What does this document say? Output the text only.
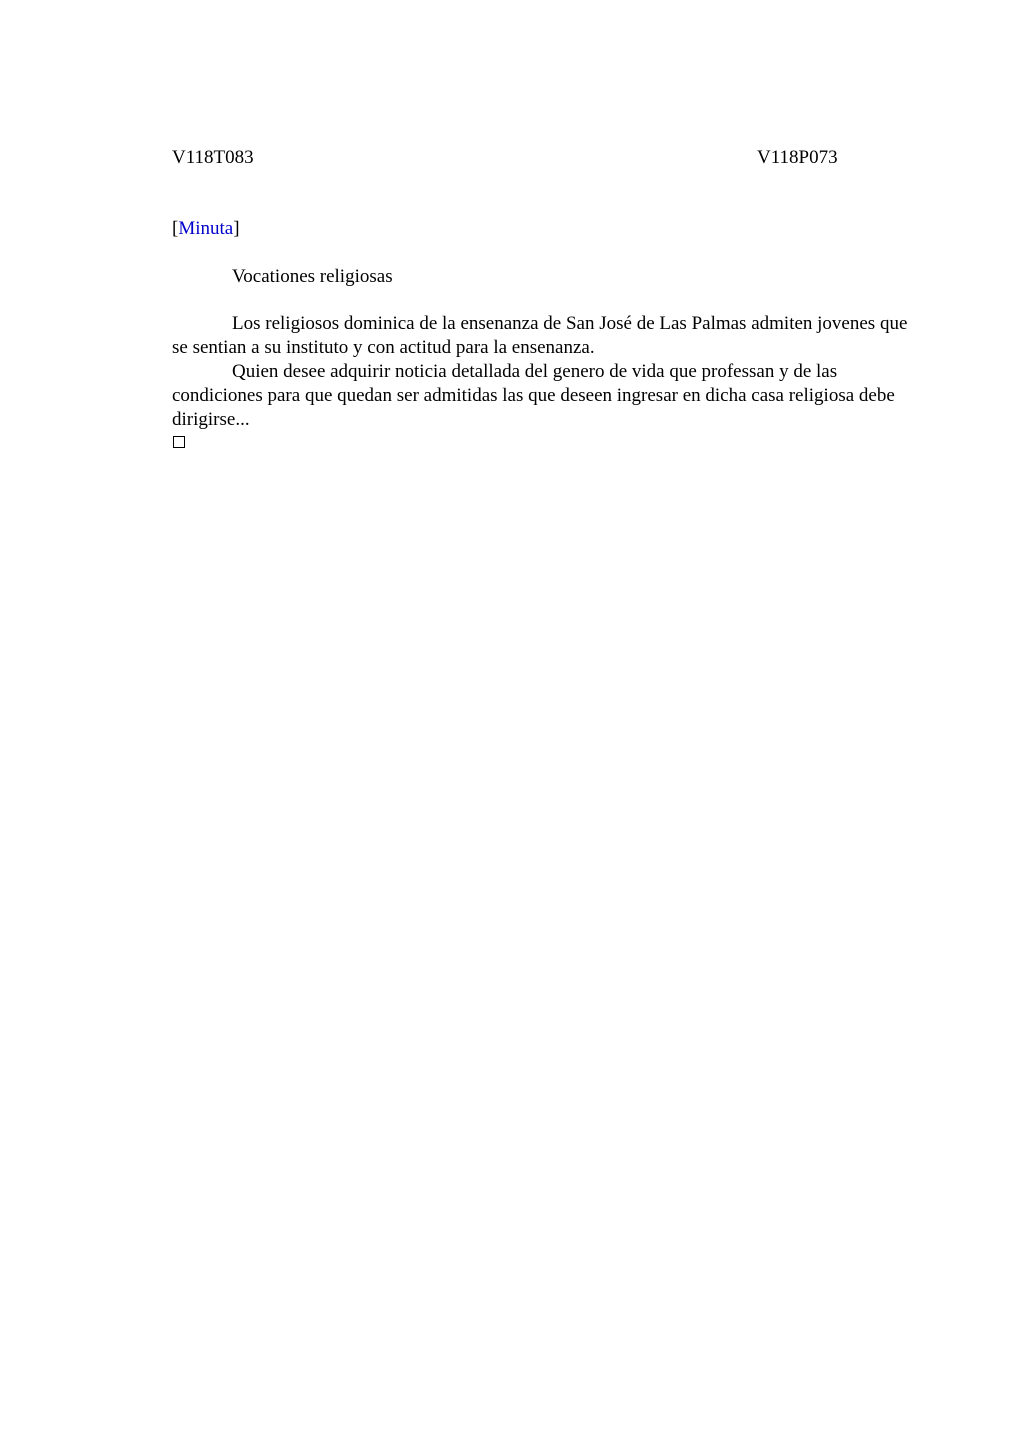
V118T083	V118P073
[Minuta]
Vocationes religiosas

Los religiosos dominica de la ensenanza de San José de Las Palmas admiten jovenes que se sentian a su instituto y con actitud para la ensenanza.

Quien desee adquirir noticia detallada del genero de vida que professan y de las condiciones para que quedan ser admitidas las que deseen ingresar en dicha casa religiosa debe dirigirse...
